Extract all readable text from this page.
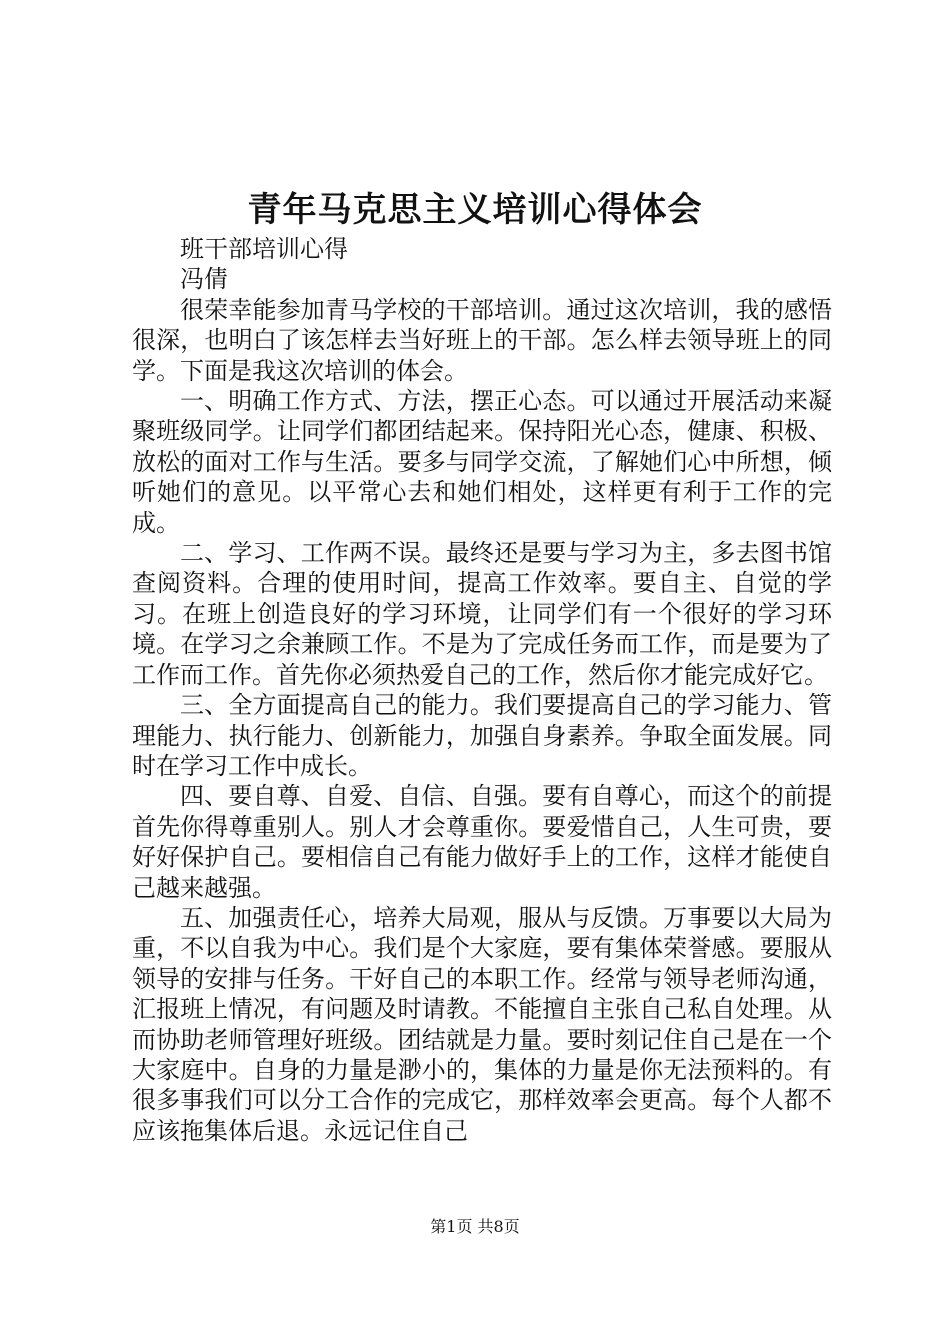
青年马克思主义培训心得体会

班干部培训心得

冯倩

很荣幸能参加青马学校的干部培训。通过这次培训，我的感悟很深，也明白了该怎样去当好班上的干部。怎么样去领导班上的同学。下面是我这次培训的体会。

一、明确工作方式、方法，摆正心态。可以通过开展活动来凝聚班级同学。让同学们都团结起来。保持阳光心态，健康、积极、放松的面对工作与生活。要多与同学交流，了解她们心中所想，倾听她们的意见。以平常心去和她们相处，这样更有利于工作的完成。

二、学习、工作两不误。最终还是要与学习为主，多去图书馆查阅资料。合理的使用时间，提高工作效率。要自主、自觉的学习。在班上创造良好的学习环境，让同学们有一个很好的学习环境。在学习之余兼顾工作。不是为了完成任务而工作，而是要为了工作而工作。首先你必须热爱自己的工作，然后你才能完成好它。

三、全方面提高自己的能力。我们要提高自己的学习能力、管理能力、执行能力、创新能力，加强自身素养。争取全面发展。同时在学习工作中成长。

四、要自尊、自爱、自信、自强。要有自尊心，而这个的前提首先你得尊重别人。别人才会尊重你。要爱惜自己，人生可贵，要好好保护自己。要相信自己有能力做好手上的工作，这样才能使自己越来越强。

五、加强责任心，培养大局观，服从与反馈。万事要以大局为重，不以自我为中心。我们是个大家庭，要有集体荣誉感。要服从领导的安排与任务。干好自己的本职工作。经常与领导老师沟通，汇报班上情况，有问题及时请教。不能擅自主张自己私自处理。从而协助老师管理好班级。团结就是力量。要时刻记住自己是在一个大家庭中。自身的力量是渺小的，集体的力量是你无法预料的。有很多事我们可以分工合作的完成它，那样效率会更高。每个人都不应该拖集体后退。永远记住自己

第1页 共8页
